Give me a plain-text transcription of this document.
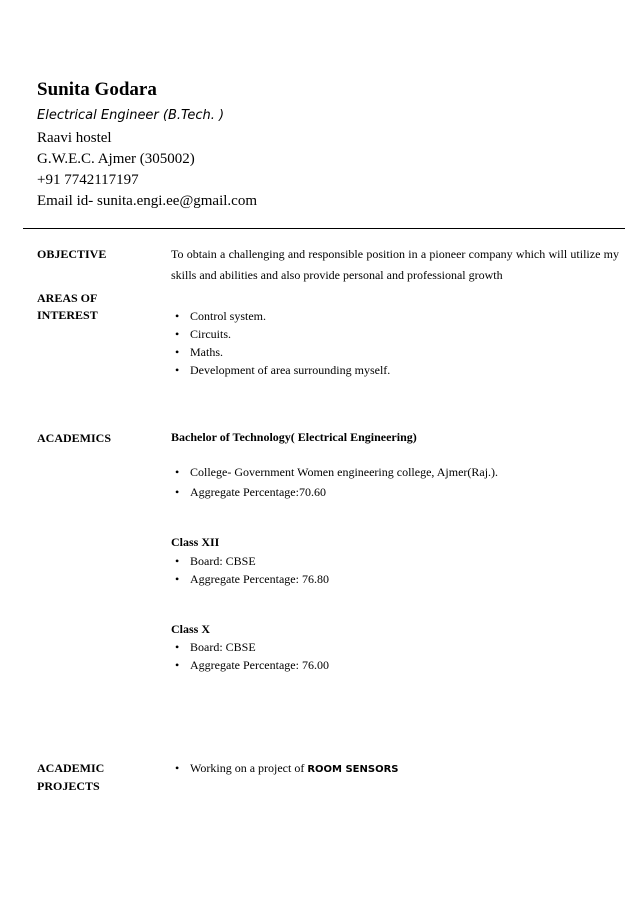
Sunita Godara
Electrical Engineer (B.Tech. )
Raavi hostel
G.W.E.C. Ajmer (305002)
+91 7742117197
Email id- sunita.engi.ee@gmail.com
OBJECTIVE	To obtain a challenging and responsible position in a pioneer company which will utilize my skills and abilities and also provide personal and professional growth
AREAS OF
INTEREST
•	Control system.
• Circuits.
• Maths.
• Development of area surrounding myself.
ACADEMICS	Bachelor of Technology( Electrical Engineering)
• College- Government Women engineering college, Ajmer(Raj.).
• Aggregate Percentage:70.60
Class XII
• Board: CBSE
• Aggregate Percentage: 76.80
Class X
• Board: CBSE
• Aggregate Percentage: 76.00
ACADEMIC
PROJECTS
• Working on a project of ROOM SENSORS
